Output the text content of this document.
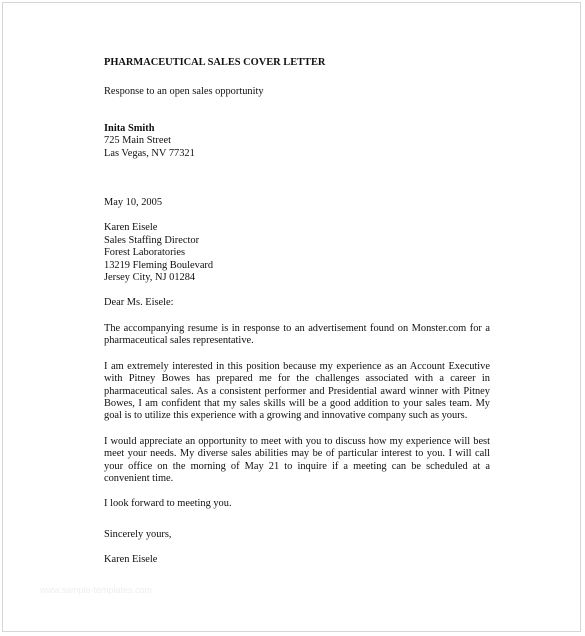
PHARMACEUTICAL SALES COVER LETTER
Response to an open sales opportunity
Inita Smith
725 Main Street
Las Vegas, NV 77321
May 10, 2005
Karen Eisele
Sales Staffing Director
Forest Laboratories
13219 Fleming Boulevard
Jersey City, NJ 01284
Dear Ms. Eisele:
The accompanying resume is in response to an advertisement found on Monster.com for a pharmaceutical sales representative.
I am extremely interested in this position because my experience as an Account Executive with Pitney Bowes has prepared me for the challenges associated with a career in pharmaceutical sales. As a consistent performer and Presidential award winner with Pitney Bowes, I am confident that my sales skills will be a good addition to your sales team. My goal is to utilize this experience with a growing and innovative company such as yours.
I would appreciate an opportunity to meet with you to discuss how my experience will best meet your needs. My diverse sales abilities may be of particular interest to you. I will call your office on the morning of May 21 to inquire if a meeting can be scheduled at a convenient time.
I look forward to meeting you.
Sincerely yours,
Karen Eisele
www.sample-templates.com
